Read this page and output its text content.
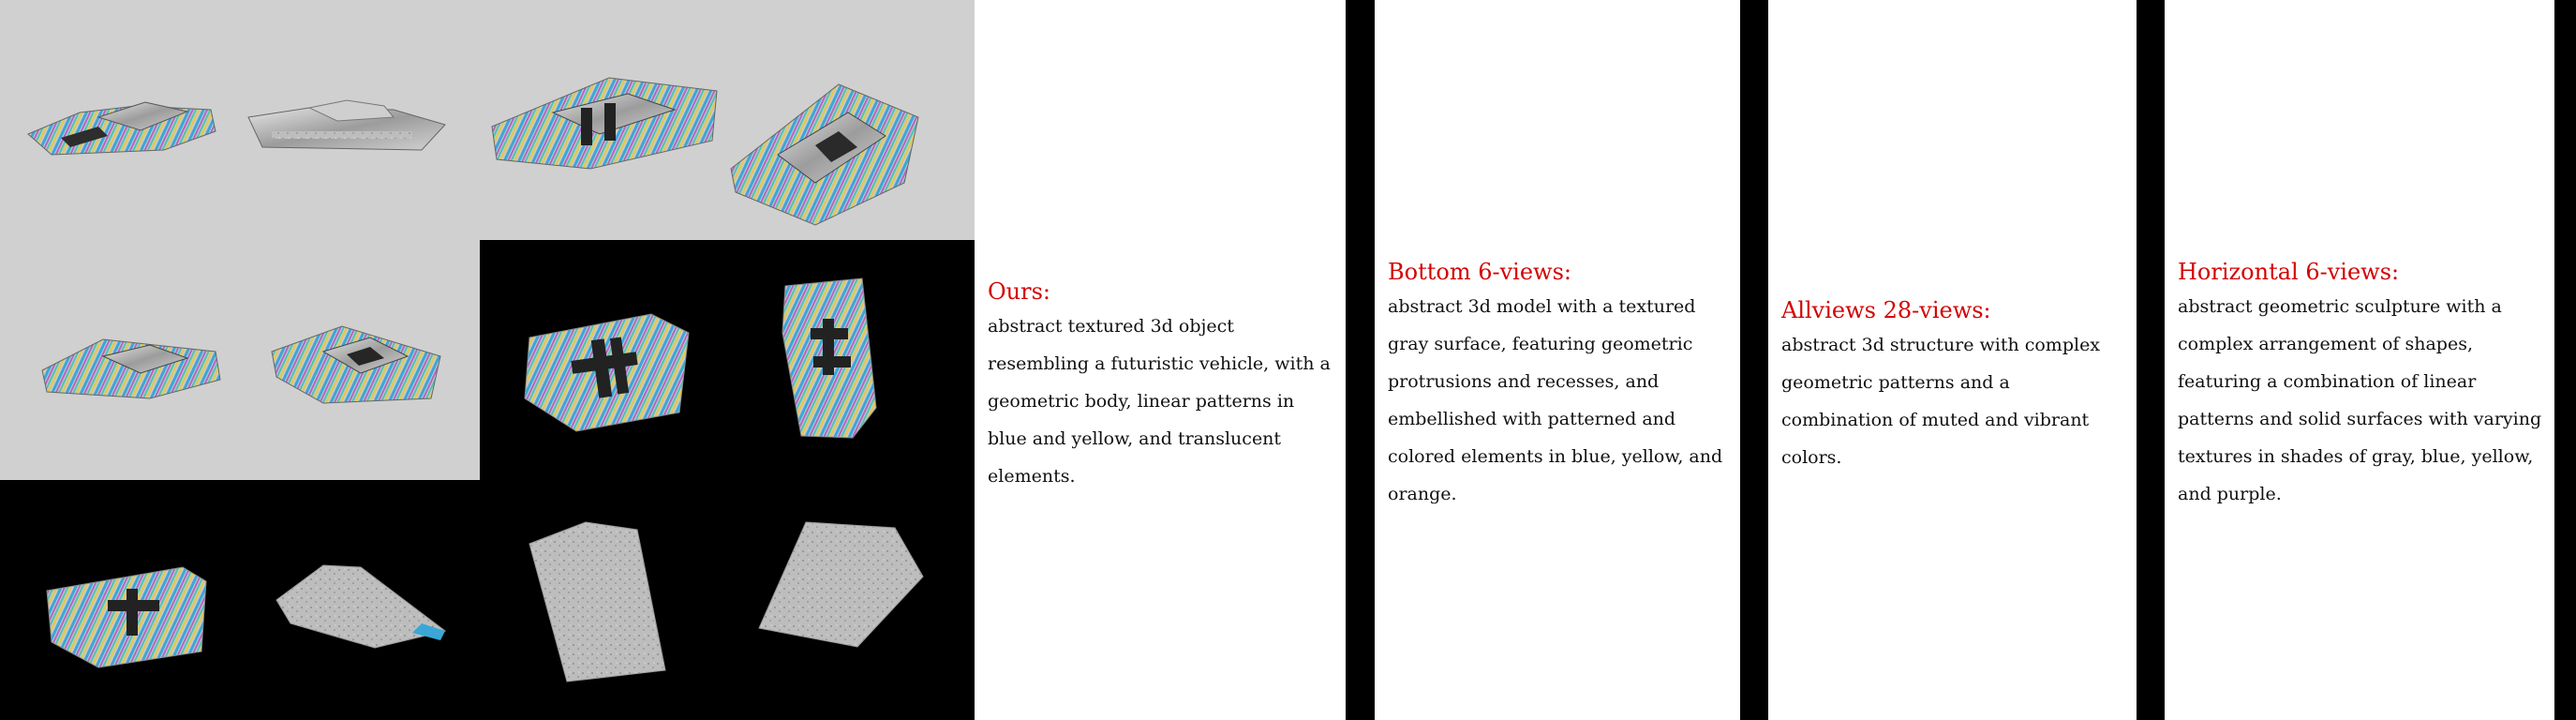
Ours:
abstract textured 3d object resembling a futuristic vehicle, with a geometric body, linear patterns in blue and yellow, and translucent elements.
Bottom 6-views:
abstract 3d model with a textured gray surface, featuring geometric protrusions and recesses, and embellished with patterned and colored elements in blue, yellow, and orange.
Allviews 28-views:
abstract 3d structure with complex geometric patterns and a combination of muted and vibrant colors.
Horizontal 6-views:
abstract geometric sculpture with a complex arrangement of shapes, featuring a combination of linear patterns and solid surfaces with varying textures in shades of gray, blue, yellow, and purple.
